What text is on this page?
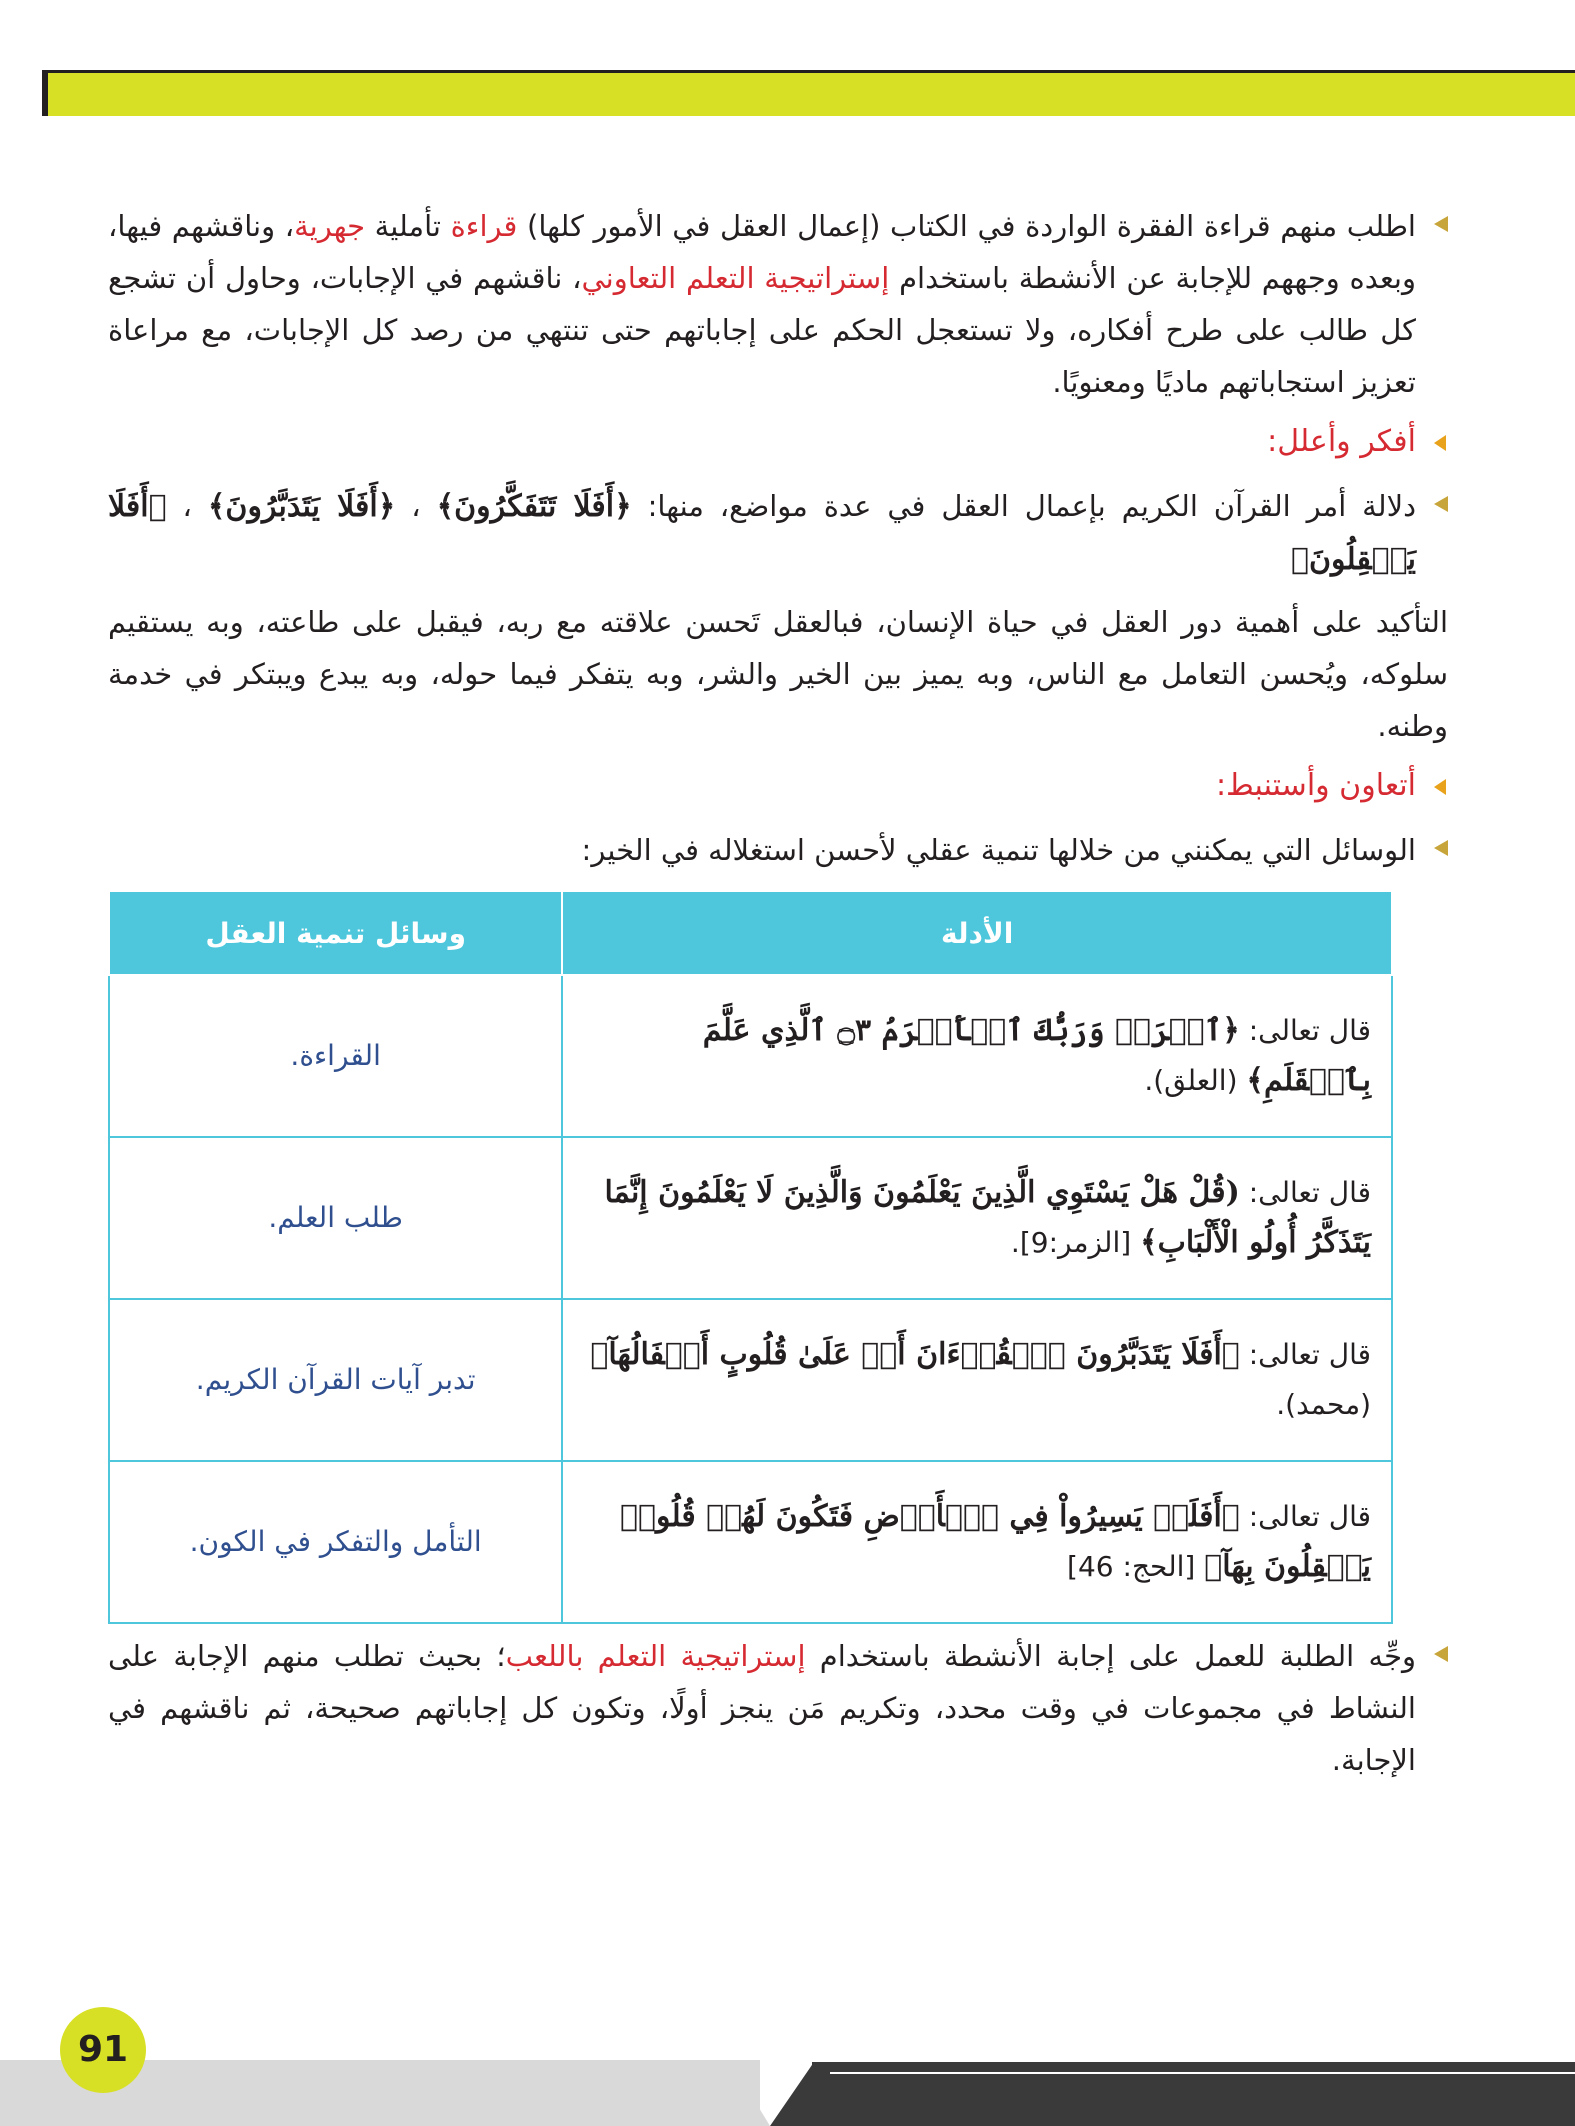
اطلب منهم قراءة الفقرة الواردة في الكتاب (إعمال العقل في الأمور كلها) قراءة تأملية جهرية، وناقشهم فيها، وبعده وجههم للإجابة عن الأنشطة باستخدام إستراتيجية التعلم التعاوني، ناقشهم في الإجابات، وحاول أن تشجع كل طالب على طرح أفكاره، ولا تستعجل الحكم على إجاباتهم حتى تنتهي من رصد كل الإجابات، مع مراعاة تعزيز استجاباتهم ماديًا ومعنويًا.

أفكر وأعلل:

دلالة أمر القرآن الكريم بإعمال العقل في عدة مواضع، منها: ﴿أَفَلَا تَتَفَكَّرُونَ﴾ ، ﴿أَفَلَا يَتَدَبَّرُونَ﴾ ، ﴿أَفَلَا يَعۡقِلُونَ﴾

التأكيد على أهمية دور العقل في حياة الإنسان، فبالعقل تَحسن علاقته مع ربه، فيقبل على طاعته، وبه يستقيم سلوكه، ويُحسن التعامل مع الناس، وبه يميز بين الخير والشر، وبه يتفكر فيما حوله، وبه يبدع ويبتكر في خدمة وطنه.

أتعاون وأستنبط:

الوسائل التي يمكنني من خلالها تنمية عقلي لأحسن استغلاله في الخير:

الأدلة	وسائل تنمية العقل
قال تعالى: ﴿ٱقۡرَأۡ وَرَبُّكَ ٱلۡأَكۡرَمُ ۝٣ ٱلَّذِي عَلَّمَ بِٱلۡقَلَمِ﴾ (العلق).	القراءة.
قال تعالى: (قُلْ هَلْ يَسْتَوِي الَّذِينَ يَعْلَمُونَ وَالَّذِينَ لَا يَعْلَمُونَ إِنَّمَا يَتَذَكَّرُ أُولُو الْأَلْبَابِ﴾ [الزمر:9].	طلب العلم.
قال تعالى: ﴿أَفَلَا يَتَدَبَّرُونَ ٱلۡقُرۡءَانَ أَمۡ عَلَىٰ قُلُوبٍ أَقۡفَالُهَآ﴾ (محمد).	تدبر آيات القرآن الكريم.
قال تعالى: ﴿أَفَلَمۡ يَسِيرُواْ فِي ٱلۡأَرۡضِ فَتَكُونَ لَهُمۡ قُلُوبٞ يَعۡقِلُونَ بِهَآ﴾ [الحج: 46]	التأمل والتفكر في الكون.

وجِّه الطلبة للعمل على إجابة الأنشطة باستخدام إستراتيجية التعلم باللعب؛ بحيث تطلب منهم الإجابة على النشاط في مجموعات في وقت محدد، وتكريم مَن ينجز أولًا، وتكون كل إجاباتهم صحيحة، ثم ناقشهم في الإجابة.

91
